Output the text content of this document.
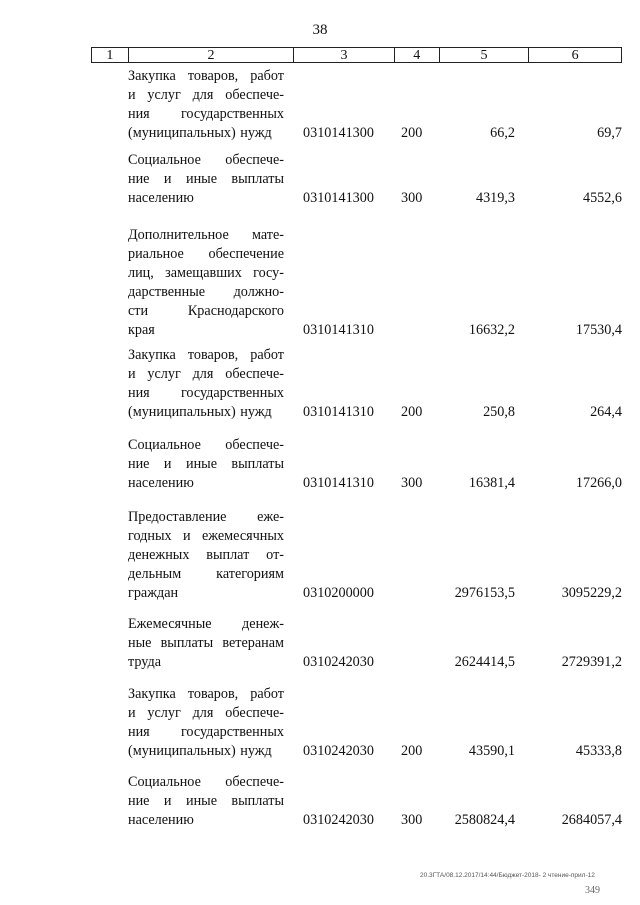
38
1	2	3	4	5	6
Закупка товаров, работ
и услуг для обеспече-
ния государственных
(муниципальных) нужд	0310141300 200	66,2	69,7
Социальное обеспече-
ние и иные выплаты
населению	0310141300 300	4319,3	4552,6
Дополнительное мате-
риальное обеспечение
лиц, замещавших госу-
дарственные должно-
сти Краснодарского
края	0310141310	16632,2	17530,4
Закупка товаров, работ
и услуг для обеспече-
ния государственных
(муниципальных) нужд	0310141310 200	250,8	264,4
Социальное обеспече-
ние и иные выплаты
населению	0310141310 300	16381,4	17266,0
Предоставление еже-
годных и ежемесячных
денежных выплат от-
дельным категориям
граждан	0310200000	2976153,5	3095229,2
Ежемесячные денеж-
ные выплаты ветеранам
труда	0310242030	2624414,5	2729391,2
Закупка товаров, работ
и услуг для обеспече-
ния государственных
(муниципальных) нужд	0310242030 200	43590,1	45333,8
Социальное обеспече-
ние и иные выплаты
населению	0310242030 300 2580824,4	2684057,4
20.3ГТА/08.12.2017/14:44/Бюджет-2018- 2 чтение-прил-12
349
